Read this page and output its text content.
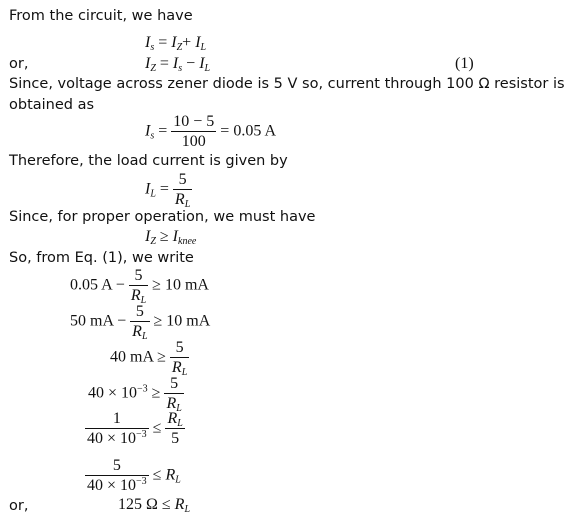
From the circuit, we have
$I_s = I_Z+ I_L$
or,	$I_Z = I_s - I_L$	(1)
Since, voltage across zener diode is 5 V so, current through 100 Ω resistor is
obtained as
$I_s = \frac{10 - 5}{100} = 0.05$ A
Therefore, the load current is given by
$I_L = \frac{5}{R_L}$
Since, for proper operation, we must have
$I_Z \ge I_{knee}$
So, from Eq. (1), we write
0.05 $A - \frac{5}{R_L} \ge 10$ mA
50 mA − $\frac{5}{R_L} \ge 10$ mA
40 mA ≥ $\frac{5}{R_L}$
$40 \times 10^{-3} \ge \frac{5}{R_L}$
$\frac{1}{40 \times 10^{-3}} \le \frac{R_L}{5}$
$\frac{5}{40 \times 10^{-3}} \le R_L$
or,	125 $\Omega \le R_L$
